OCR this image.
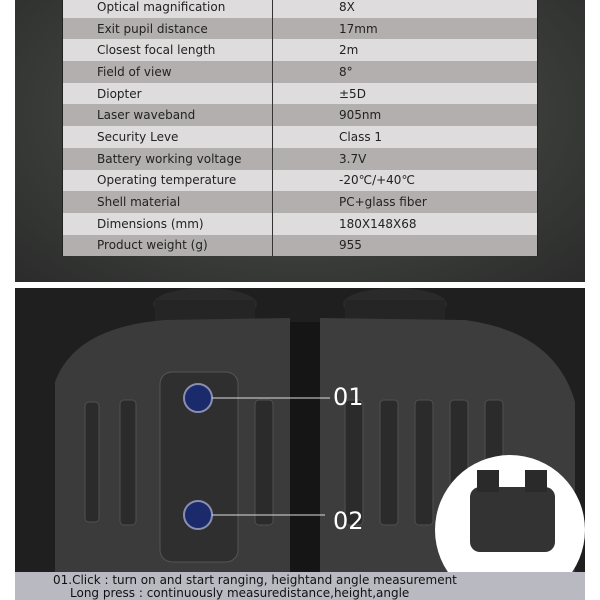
Optical magnification	8X
Exit pupil distance	17mm
Closest focal length	2m
Field of view	8°
Diopter	±5D
Laser waveband	905nm
Security Leve	Class 1
Battery working voltage	3.7V
Operating temperature	-20℃/+40℃
Shell material	PC+glass fiber
Dimensions (mm)	180X148X68
Product weight (g)	955
01
02
01.Click : turn on and start ranging, heightand angle measurement
Long press : continuously measuredistance,height,angle
